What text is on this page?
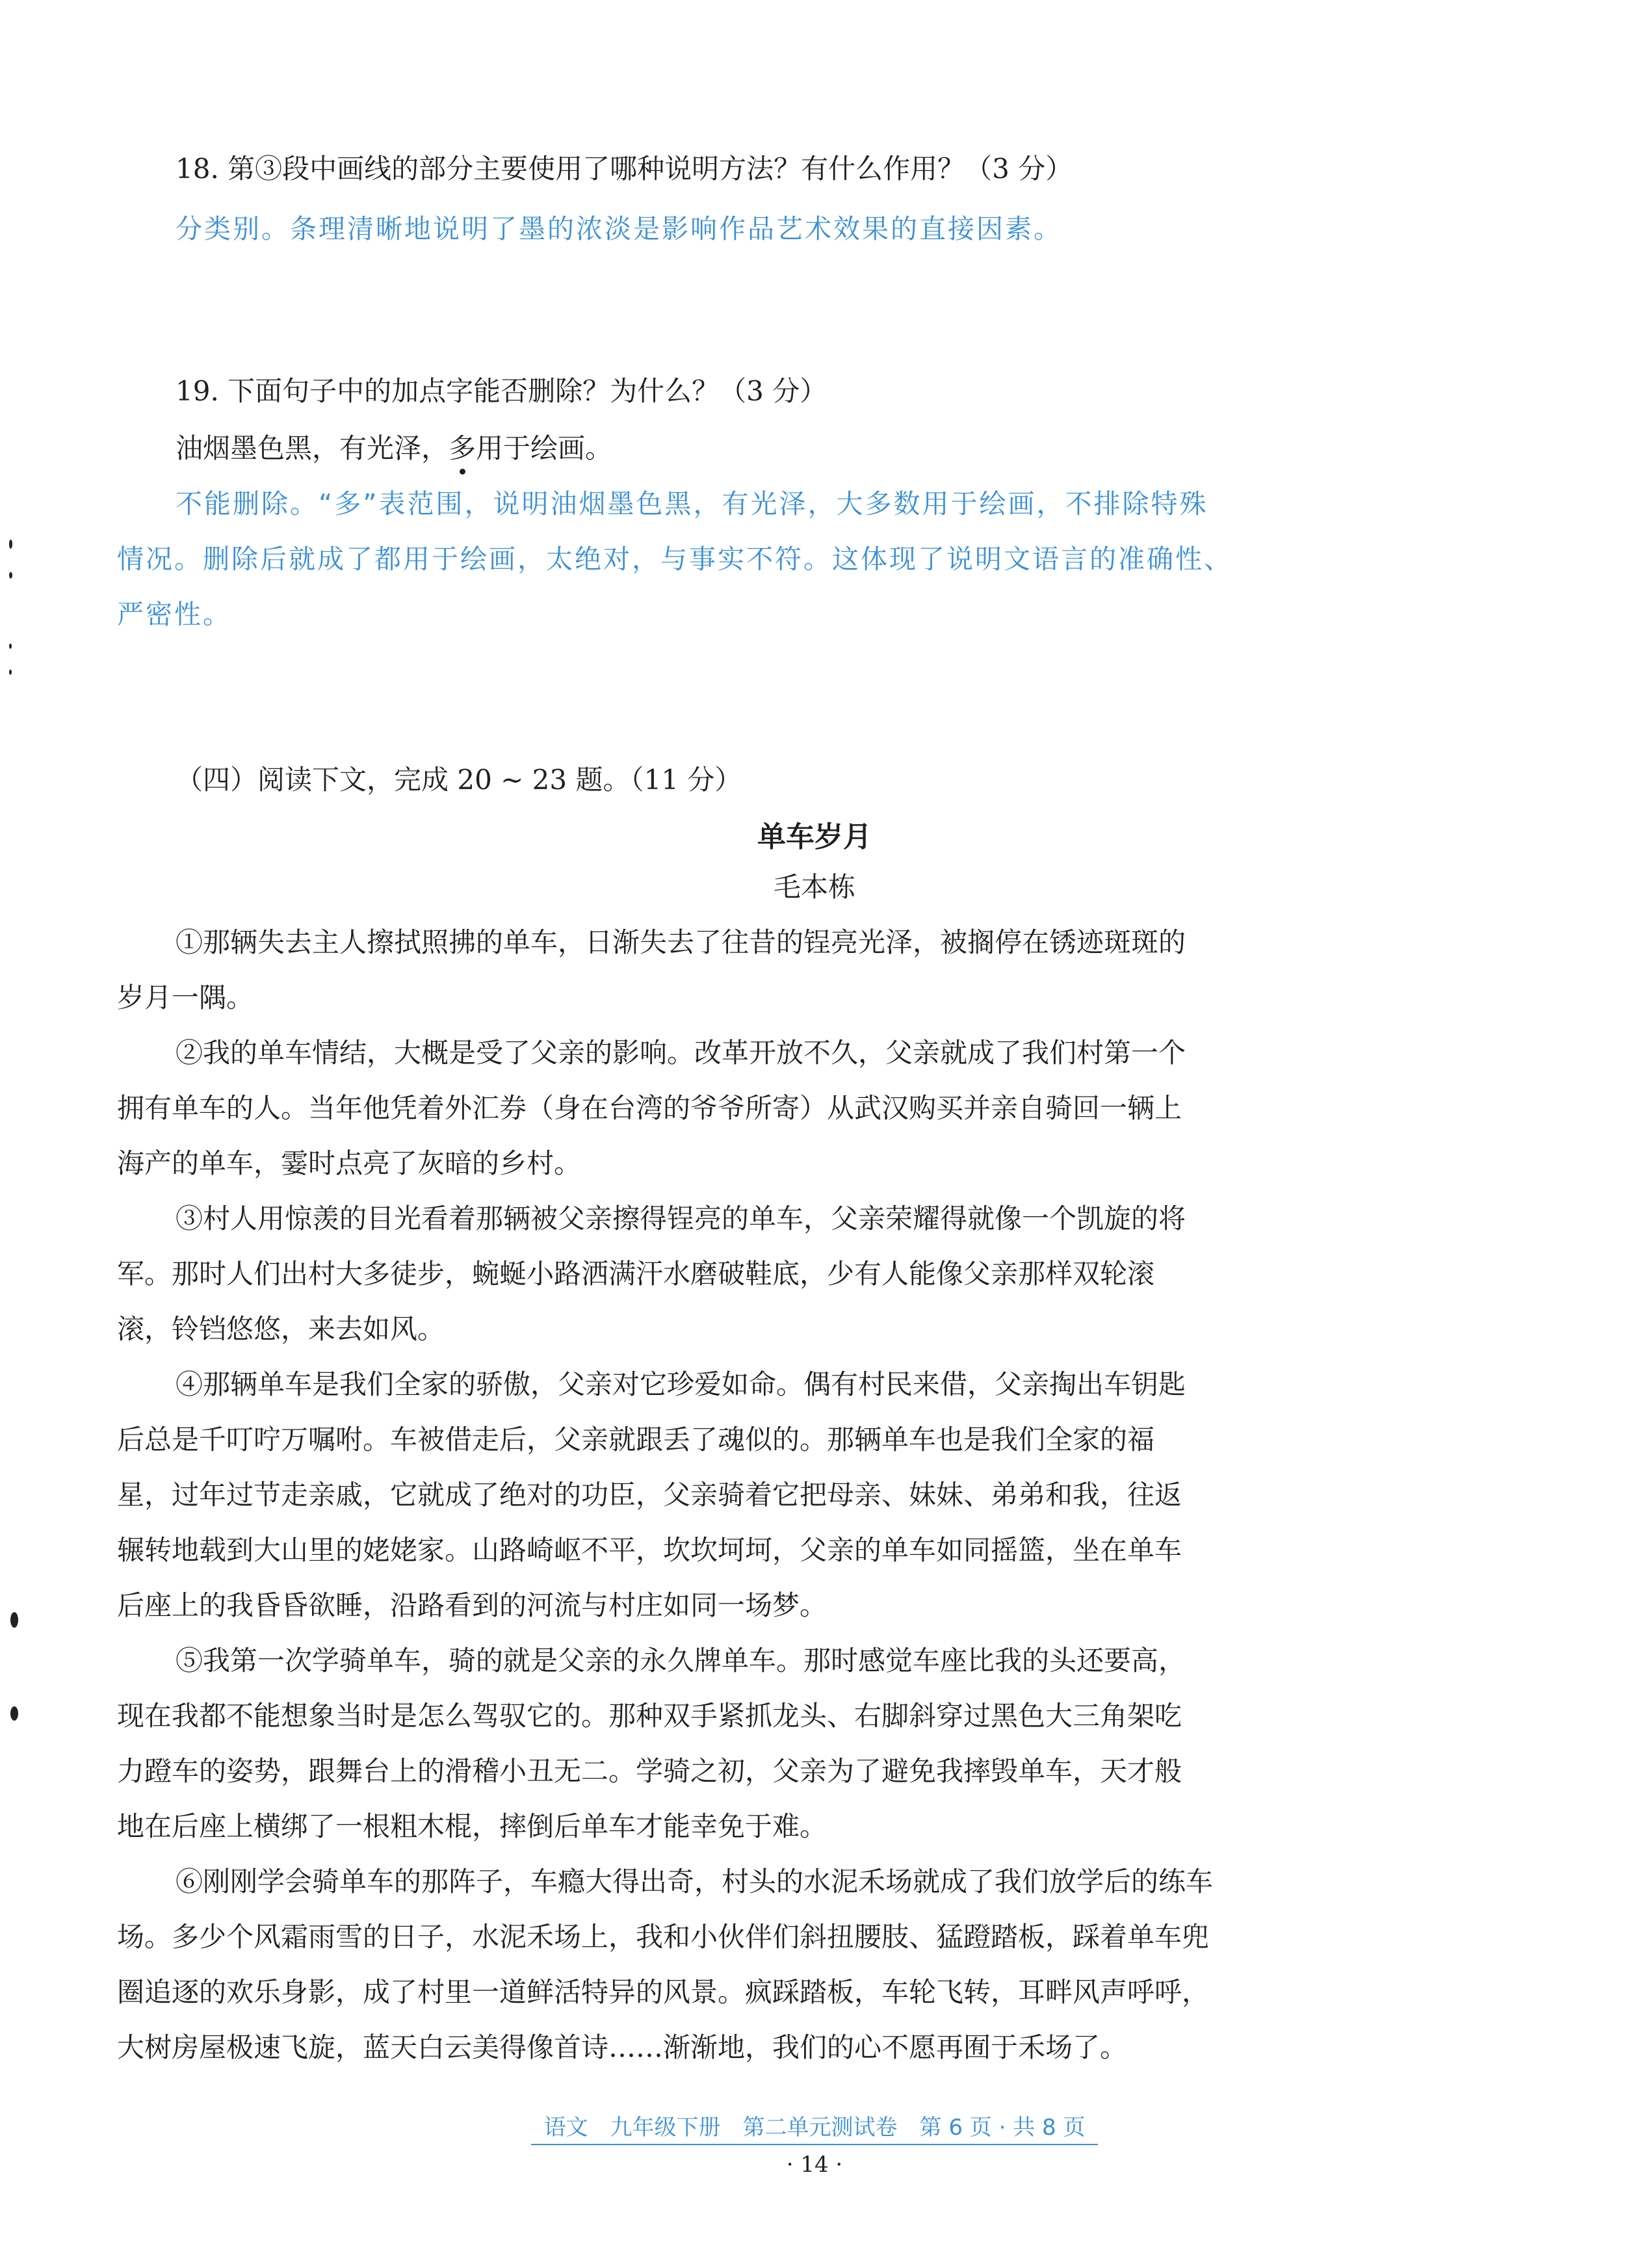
18. 第③段中画线的部分主要使用了哪种说明方法？有什么作用？（3 分）
分类别。条理清晰地说明了墨的浓淡是影响作品艺术效果的直接因素。
19. 下面句子中的加点字能否删除？为什么？（3 分）
油烟墨色黑，有光泽，多
用于绘画。
不能删除。“多”表范围，说明油烟墨色黑，有光泽，大多数用于绘画，不排除特殊
情况。删除后就成了都用于绘画，太绝对，与事实不符。这体现了说明文语言的准确性、
严密性。
（四）阅读下文，完成 20 ~ 23 题。（11 分）
单车岁月
毛本栋
①那辆失去主人擦拭照拂的单车，日渐失去了往昔的锃亮光泽，被搁停在锈迹斑斑的
岁月一隅。
②我的单车情结，大概是受了父亲的影响。改革开放不久，父亲就成了我们村第一个
拥有单车的人。当年他凭着外汇券（身在台湾的爷爷所寄）从武汉购买并亲自骑回一辆上
海产的单车，霎时点亮了灰暗的乡村。
③村人用惊羡的目光看着那辆被父亲擦得锃亮的单车，父亲荣耀得就像一个凯旋的将
军。那时人们出村大多徒步，蜿蜒小路洒满汗水磨破鞋底，少有人能像父亲那样双轮滚
滚，铃铛悠悠，来去如风。
④那辆单车是我们全家的骄傲，父亲对它珍爱如命。偶有村民来借，父亲掏出车钥匙
后总是千叮咛万嘱咐。车被借走后，父亲就跟丢了魂似的。那辆单车也是我们全家的福
星，过年过节走亲戚，它就成了绝对的功臣，父亲骑着它把母亲、妹妹、弟弟和我，往返
辗转地载到大山里的姥姥家。山路崎岖不平，坎坎坷坷，父亲的单车如同摇篮，坐在单车
后座上的我昏昏欲睡，沿路看到的河流与村庄如同一场梦。
⑤我第一次学骑单车，骑的就是父亲的永久牌单车。那时感觉车座比我的头还要高，
现在我都不能想象当时是怎么驾驭它的。那种双手紧抓龙头、右脚斜穿过黑色大三角架吃
力蹬车的姿势，跟舞台上的滑稽小丑无二。学骑之初，父亲为了避免我摔毁单车，天才般
地在后座上横绑了一根粗木棍，摔倒后单车才能幸免于难。
⑥刚刚学会骑单车的那阵子，车瘾大得出奇，村头的水泥禾场就成了我们放学后的练车
场。多少个风霜雨雪的日子，水泥禾场上，我和小伙伴们斜扭腰肢、猛蹬踏板，踩着单车兜
圈追逐的欢乐身影，成了村里一道鲜活特异的风景。疯踩踏板，车轮飞转，耳畔风声呼呼，
大树房屋极速飞旋，蓝天白云美得像首诗……渐渐地，我们的心不愿再囿于禾场了。
语文　九年级下册　第二单元测试卷　第 6 页 · 共 8 页
· 14 ·
